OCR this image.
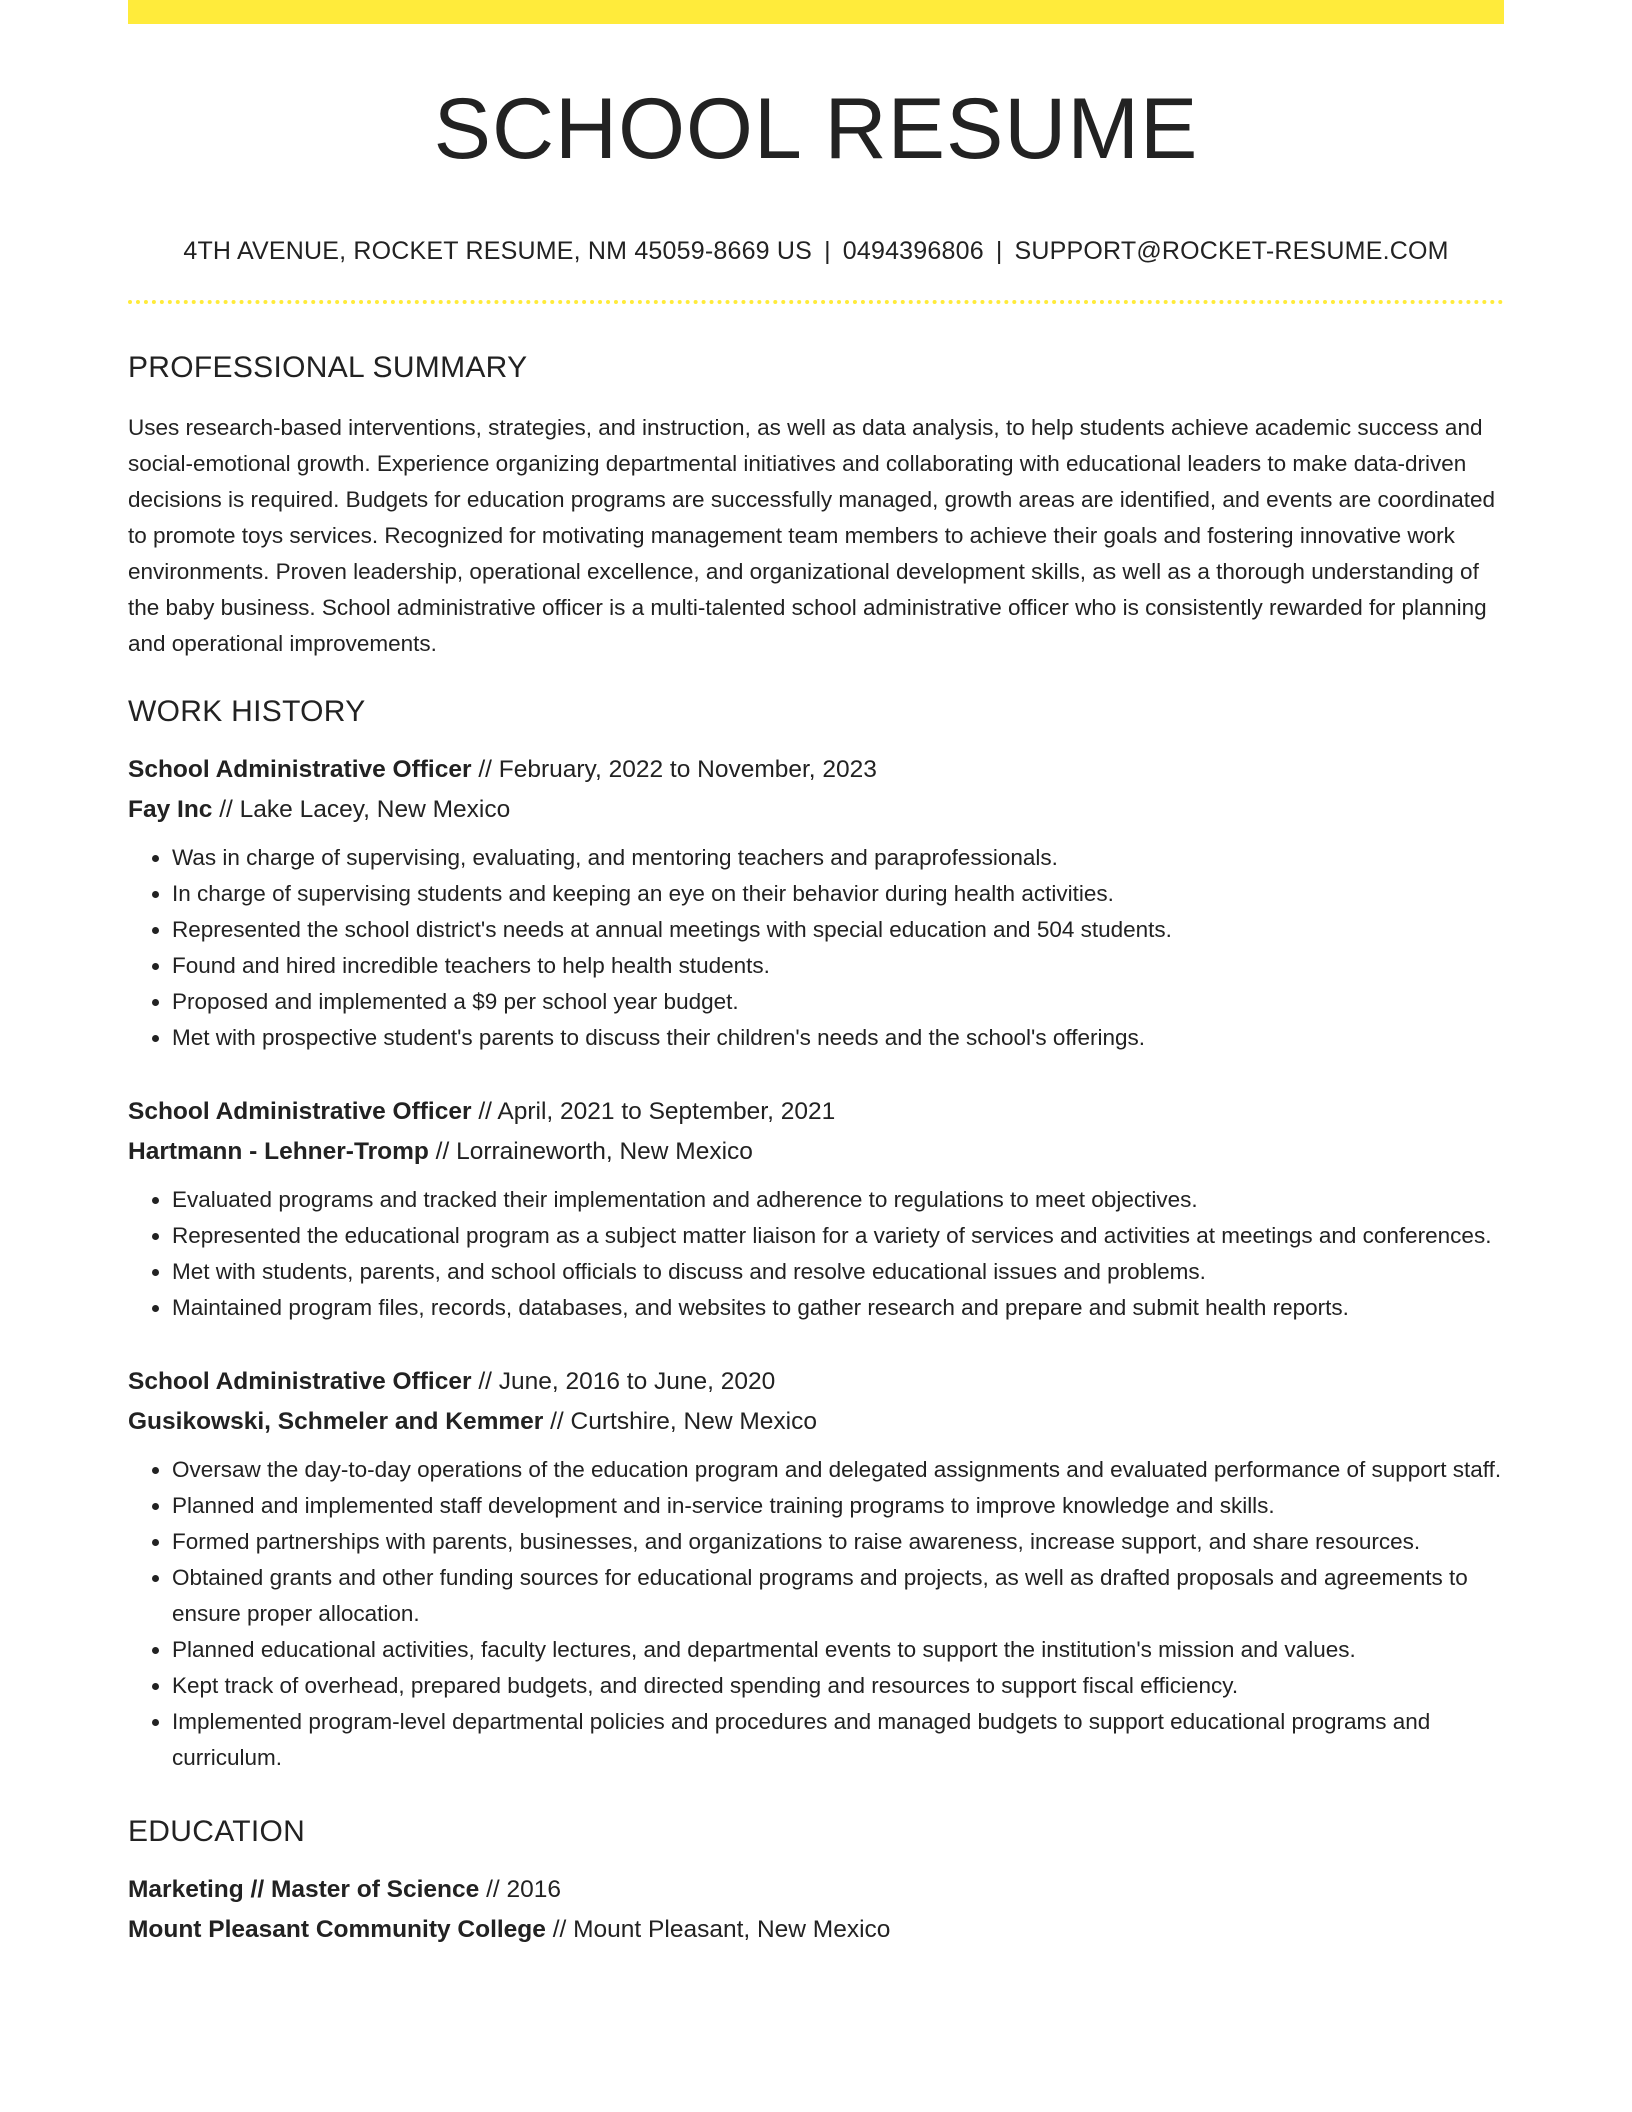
SCHOOL RESUME
4TH AVENUE, ROCKET RESUME, NM 45059-8669 US | 0494396806 | SUPPORT@ROCKET-RESUME.COM
PROFESSIONAL SUMMARY

Uses research-based interventions, strategies, and instruction, as well as data analysis, to help students achieve academic success and social-emotional growth. Experience organizing departmental initiatives and collaborating with educational leaders to make data-driven decisions is required. Budgets for education programs are successfully managed, growth areas are identified, and events are coordinated to promote toys services. Recognized for motivating management team members to achieve their goals and fostering innovative work environments. Proven leadership, operational excellence, and organizational development skills, as well as a thorough understanding of the baby business. School administrative officer is a multi-talented school administrative officer who is consistently rewarded for planning and operational improvements.

WORK HISTORY
School Administrative Officer // February, 2022 to November, 2023
Fay Inc // Lake Lacey, New Mexico
• Was in charge of supervising, evaluating, and mentoring teachers and paraprofessionals.
• In charge of supervising students and keeping an eye on their behavior during health activities.
• Represented the school district's needs at annual meetings with special education and 504 students.
• Found and hired incredible teachers to help health students.
• Proposed and implemented a $9 per school year budget.
• Met with prospective student's parents to discuss their children's needs and the school's offerings.
School Administrative Officer // April, 2021 to September, 2021
Hartmann - Lehner-Tromp // Lorraineworth, New Mexico
• Evaluated programs and tracked their implementation and adherence to regulations to meet objectives.
• Represented the educational program as a subject matter liaison for a variety of services and activities at meetings and conferences.
• Met with students, parents, and school officials to discuss and resolve educational issues and problems.
• Maintained program files, records, databases, and websites to gather research and prepare and submit health reports.
School Administrative Officer // June, 2016 to June, 2020
Gusikowski, Schmeler and Kemmer // Curtshire, New Mexico
• Oversaw the day-to-day operations of the education program and delegated assignments and evaluated performance of support staff.
• Planned and implemented staff development and in-service training programs to improve knowledge and skills.
• Formed partnerships with parents, businesses, and organizations to raise awareness, increase support, and share resources.
• Obtained grants and other funding sources for educational programs and projects, as well as drafted proposals and agreements to ensure proper allocation.
• Planned educational activities, faculty lectures, and departmental events to support the institution's mission and values.
• Kept track of overhead, prepared budgets, and directed spending and resources to support fiscal efficiency.
• Implemented program-level departmental policies and procedures and managed budgets to support educational programs and curriculum.
EDUCATION
Marketing // Master of Science // 2016
Mount Pleasant Community College // Mount Pleasant, New Mexico
